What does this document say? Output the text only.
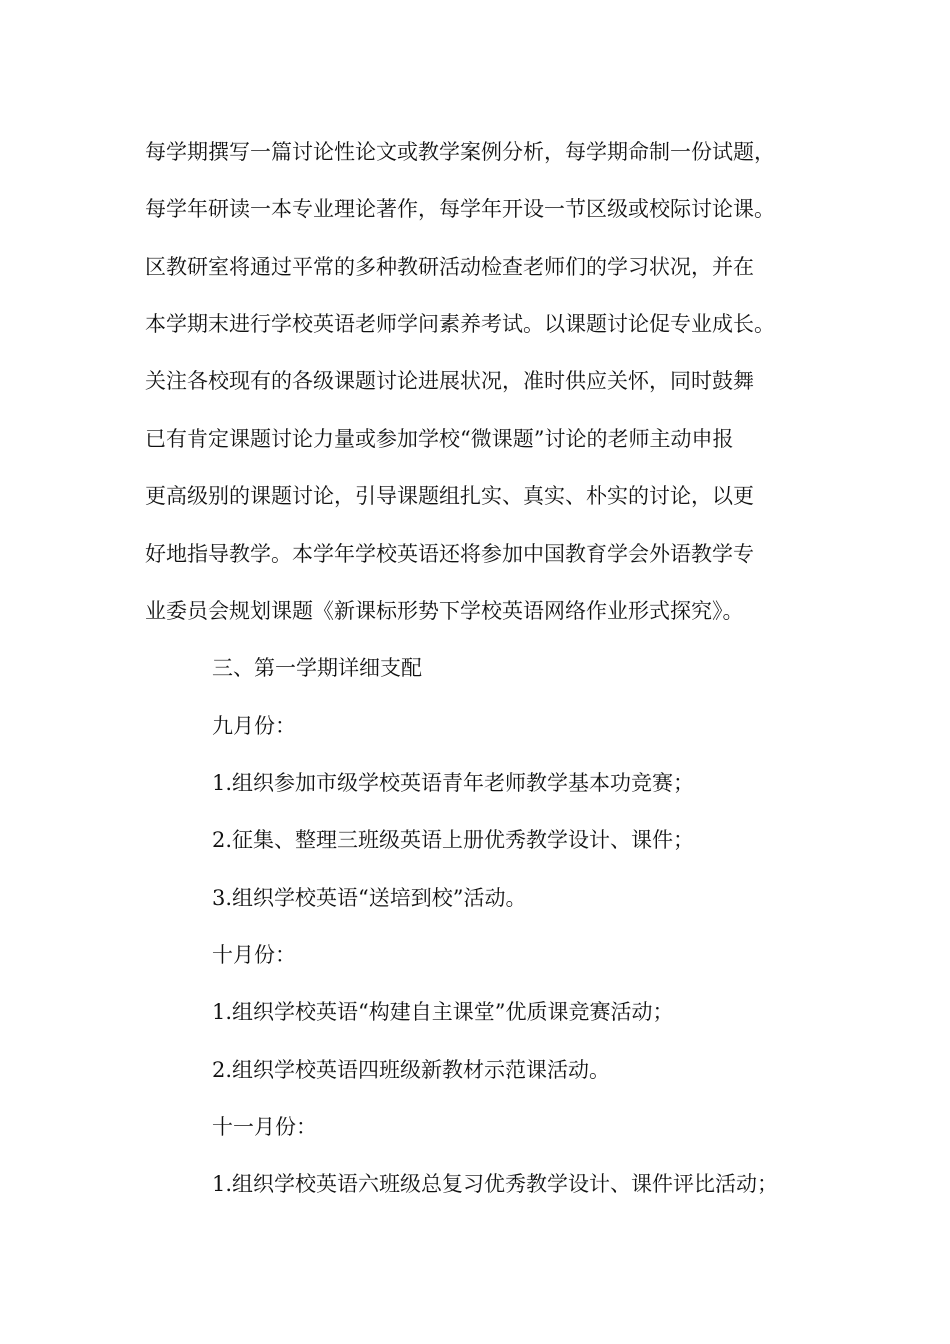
每学期撰写一篇讨论性论文或教学案例分析，每学期命制一份试题，
每学年研读一本专业理论著作，每学年开设一节区级或校际讨论课。
区教研室将通过平常的多种教研活动检查老师们的学习状况，并在
本学期末进行学校英语老师学问素养考试。以课题讨论促专业成长。
关注各校现有的各级课题讨论进展状况，准时供应关怀，同时鼓舞
已有肯定课题讨论力量或参加学校“微课题”讨论的老师主动申报
更高级别的课题讨论，引导课题组扎实、真实、朴实的讨论，以更
好地指导教学。本学年学校英语还将参加中国教育学会外语教学专
业委员会规划课题《新课标形势下学校英语网络作业形式探究》。
三、第一学期详细支配
九月份：
1.组织参加市级学校英语青年老师教学基本功竞赛；
2.征集、整理三班级英语上册优秀教学设计、课件；
3.组织学校英语“送培到校”活动。
十月份：
1.组织学校英语“构建自主课堂”优质课竞赛活动；
2.组织学校英语四班级新教材示范课活动。
十一月份：
1.组织学校英语六班级总复习优秀教学设计、课件评比活动；
